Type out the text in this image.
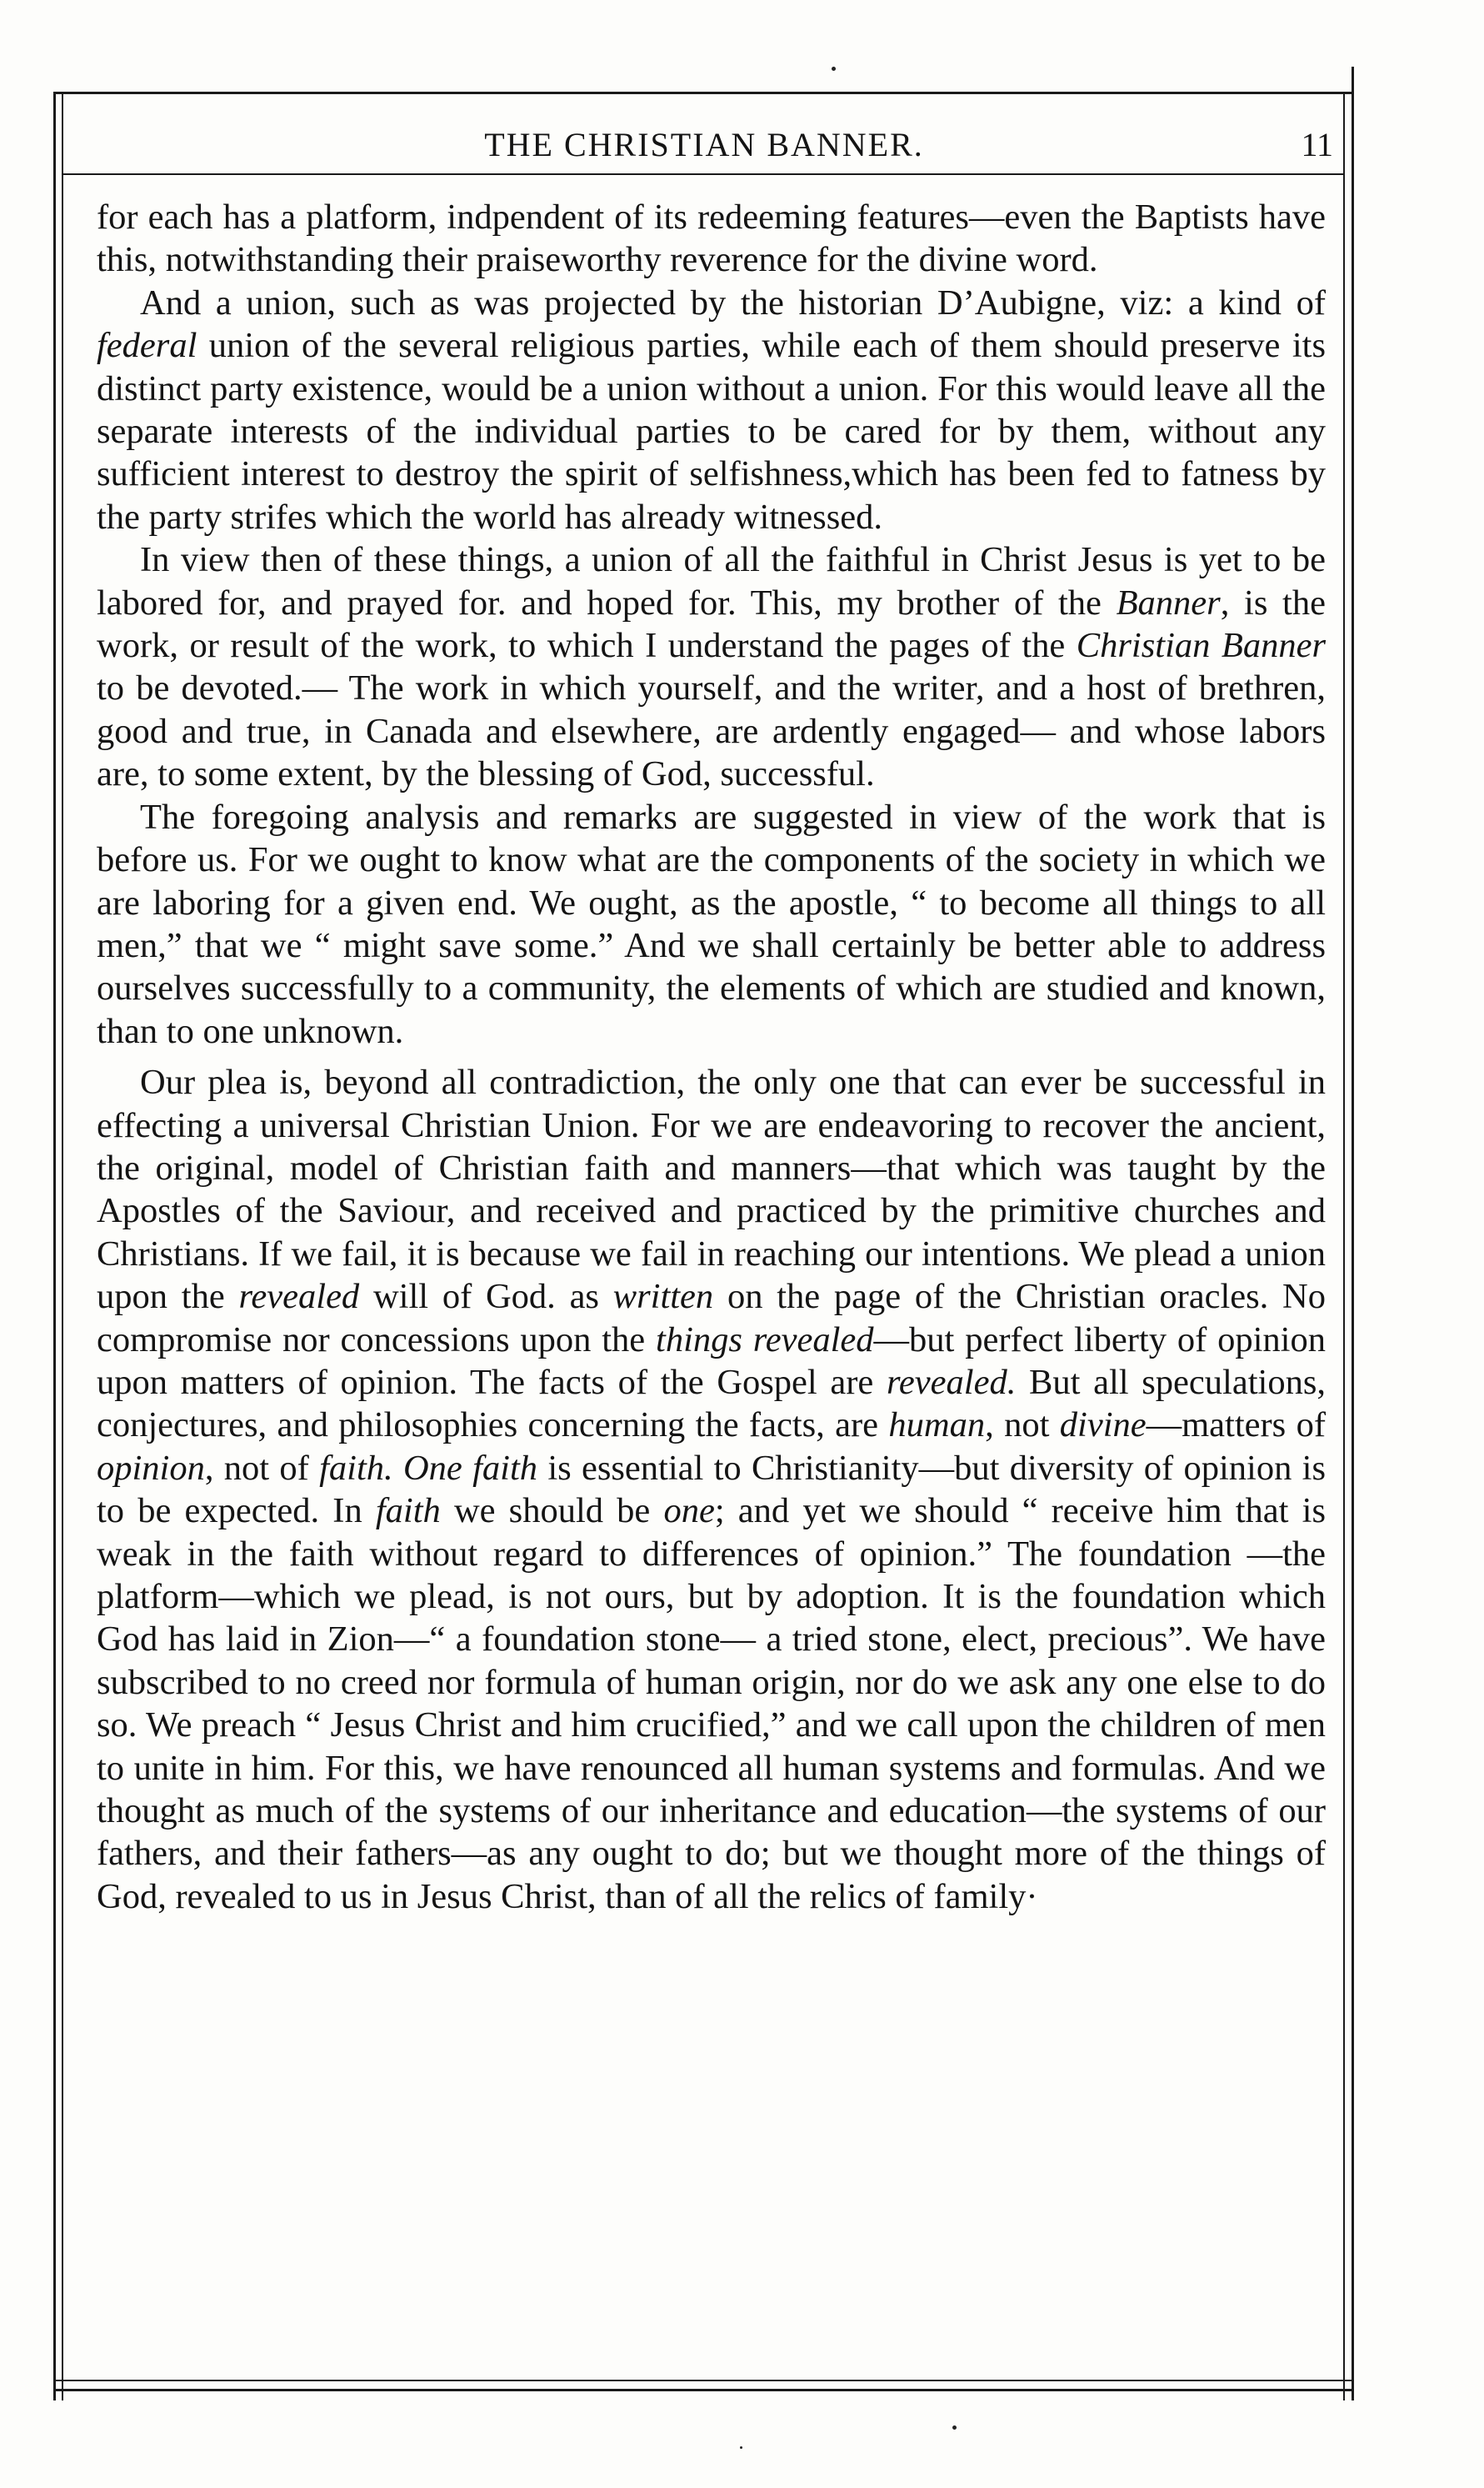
THE CHRISTIAN BANNER.	11

for each has a platform, indpendent of its redeeming features—even the Baptists have this, notwithstanding their praiseworthy reverence for the divine word.

And a union, such as was projected by the historian D’Aubigne, viz: a kind of federal union of the several religious parties, while each of them should preserve its distinct party existence, would be a union without a union. For this would leave all the separate interests of the individual parties to be cared for by them, without any sufficient interest to destroy the spirit of selfishness,which has been fed to fatness by the party strifes which the world has already witnessed.

In view then of these things, a union of all the faithful in Christ Jesus is yet to be labored for, and prayed for. and hoped for. This, my brother of the Banner, is the work, or result of the work, to which I understand the pages of the Christian Banner to be devoted.— The work in which yourself, and the writer, and a host of brethren, good and true, in Canada and elsewhere, are ardently engaged— and whose labors are, to some extent, by the blessing of God, successful.

The foregoing analysis and remarks are suggested in view of the work that is before us. For we ought to know what are the components of the society in which we are laboring for a given end. We ought, as the apostle, “ to become all things to all men,” that we “ might save some.” And we shall certainly be better able to address ourselves successfully to a community, the elements of which are studied and known, than to one unknown.

Our plea is, beyond all contradiction, the only one that can ever be successful in effecting a universal Christian Union. For we are endeavoring to recover the ancient, the original, model of Christian faith and manners—that which was taught by the Apostles of the Saviour, and received and practiced by the primitive churches and Christians. If we fail, it is because we fail in reaching our intentions. We plead a union upon the revealed will of God. as written on the page of the Christian oracles. No compromise nor concessions upon the things revealed—but perfect liberty of opinion upon matters of opinion. The facts of the Gospel are revealed. But all speculations, conjectures, and philosophies concerning the facts, are human, not divine—matters of opinion, not of faith. One faith is essential to Christianity—but diversity of opinion is to be expected. In faith we should be one; and yet we should “ receive him that is weak in the faith without regard to differences of opinion.” The foundation —the platform—which we plead, is not ours, but by adoption. It is the foundation which God has laid in Zion—“ a foundation stone— a tried stone, elect, precious”. We have subscribed to no creed nor formula of human origin, nor do we ask any one else to do so. We preach “ Jesus Christ and him crucified,” and we call upon the children of men to unite in him. For this, we have renounced all human systems and formulas. And we thought as much of the systems of our inheritance and education—the systems of our fathers, and their fathers—as any ought to do; but we thought more of the things of God, revealed to us in Jesus Christ, than of all the relics of family·
